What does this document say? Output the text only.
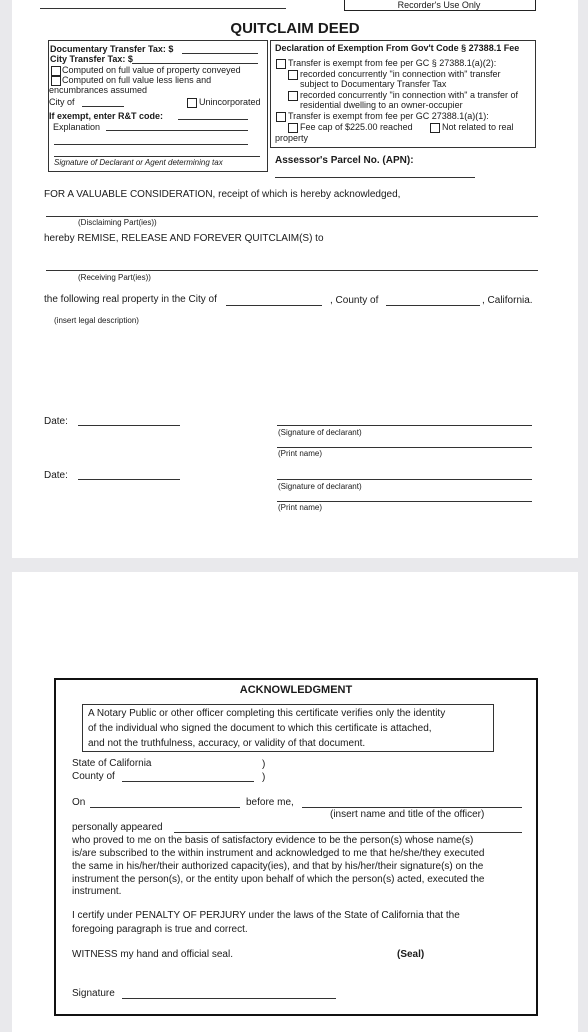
Recorder's Use Only
QUITCLAIM DEED
Documentary Transfer Tax: $
City Transfer Tax: $
Computed on full value of property conveyed
Computed on full value less liens and
encumbrances assumed
City of	Unincorporated
If exempt, enter R&T code:
Explanation
Signature of Declarant or Agent determining tax
Declaration of Exemption From Gov't Code § 27388.1 Fee
Transfer is exempt from fee per GC § 27388.1(a)(2):
recorded concurrently "in connection with" transfer
subject to Documentary Transfer Tax
recorded concurrently "in connection with" a transfer of
residential dwelling to an owner-occupier
Transfer is exempt from fee per GC 27388.1(a)(1):
Fee cap of $225.00 reached	Not related to real
property
Assessor's Parcel No. (APN):
FOR A VALUABLE CONSIDERATION, receipt of which is hereby acknowledged,
(Disclaiming Part(ies))
hereby REMISE, RELEASE AND FOREVER QUITCLAIM(S) to
(Receiving Part(ies))
the following real property in the City of	, County of	, California.
(insert legal description)
Date:
(Signature of declarant)
(Print name)
Date:
(Signature of declarant)
(Print name)
ACKNOWLEDGMENT
A Notary Public or other officer completing this certificate verifies only the identity
of the individual who signed the document to which this certificate is attached,
and not the truthfulness, accuracy, or validity of that document.
State of California	)
County of	)
On	before me,
(insert name and title of the officer)
personally appeared
who proved to me on the basis of satisfactory evidence to be the person(s) whose name(s)
is/are subscribed to the within instrument and acknowledged to me that he/she/they executed
the same in his/her/their authorized capacity(ies), and that by his/her/their signature(s) on the
instrument the person(s), or the entity upon behalf of which the person(s) acted, executed the
instrument.
I certify under PENALTY OF PERJURY under the laws of the State of California that the
foregoing paragraph is true and correct.
WITNESS my hand and official seal.	(Seal)
Signature
